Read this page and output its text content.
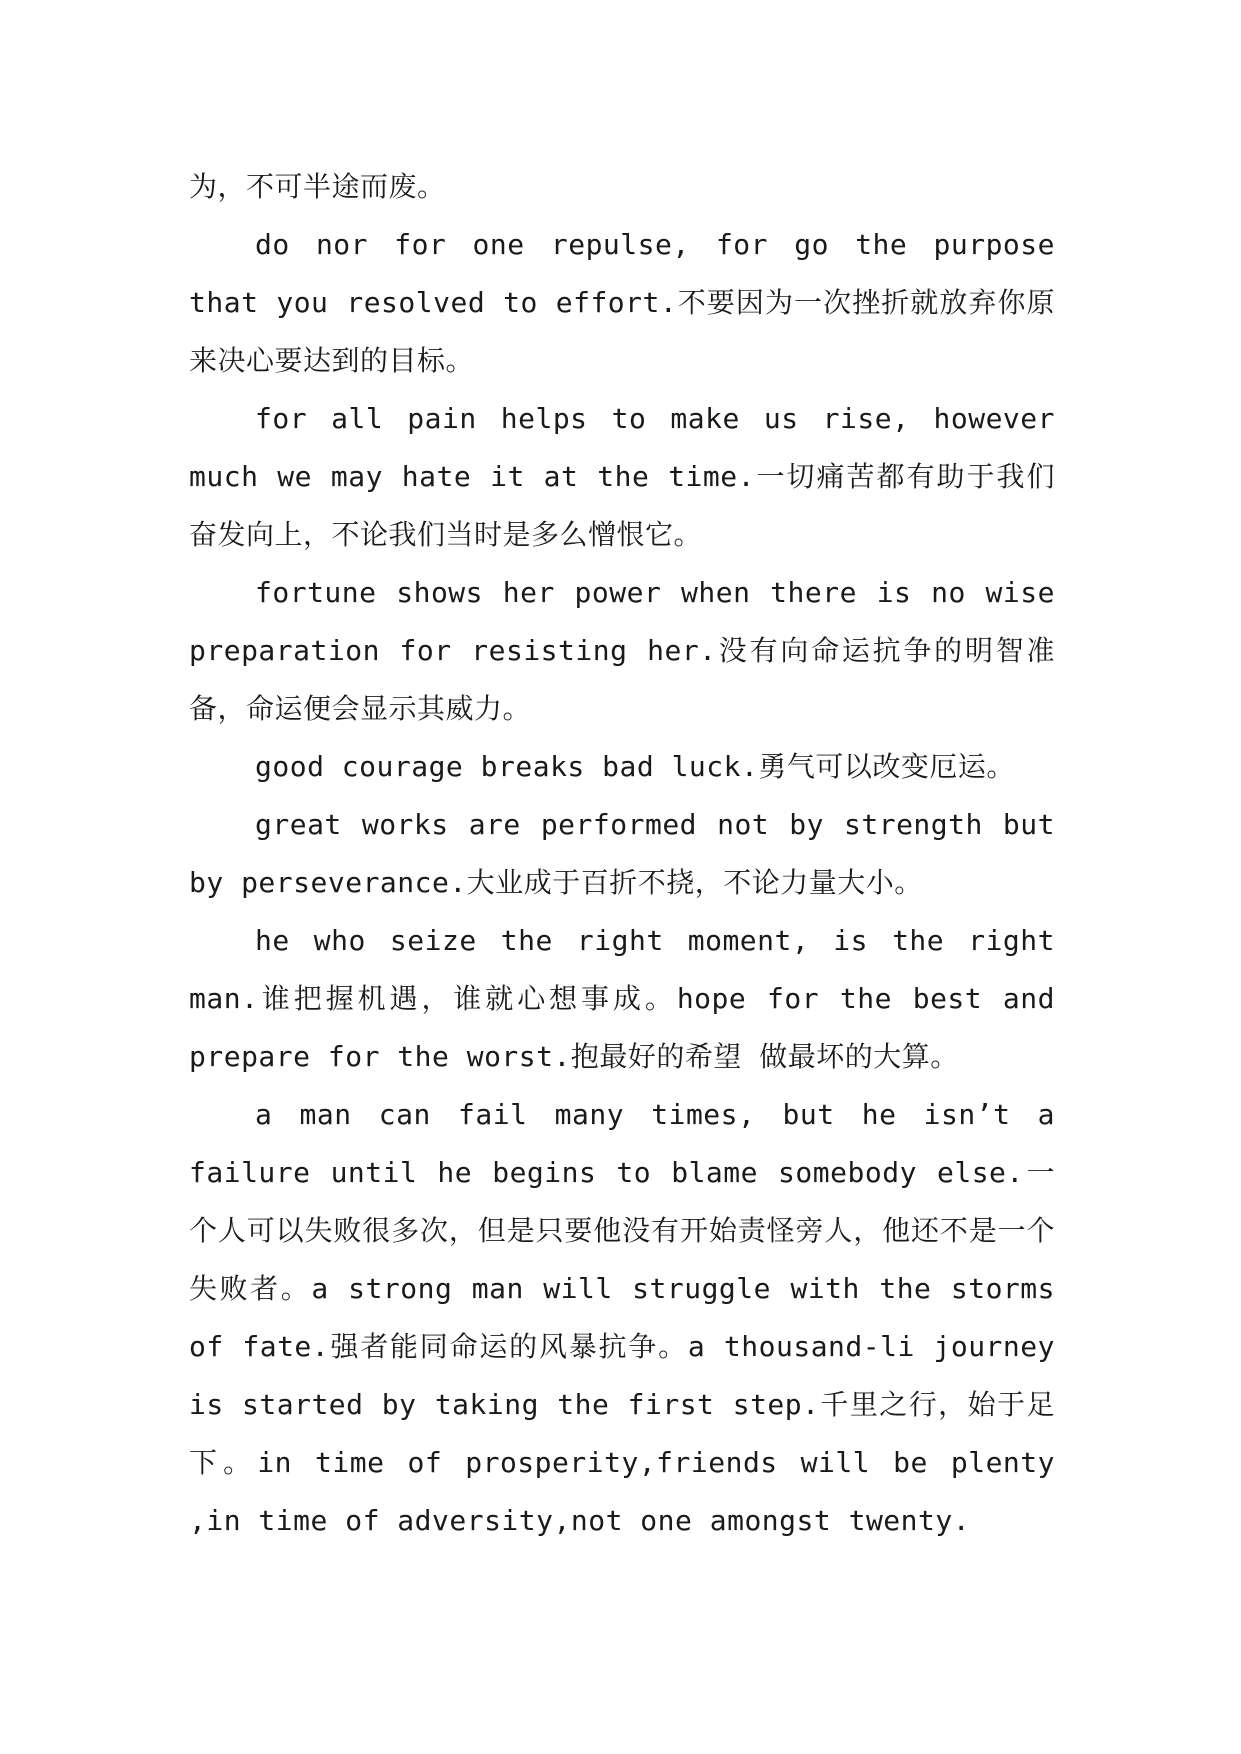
为，不可半途而废。

do nor for one repulse, for go the purpose that you resolved to effort.不要因为一次挫折就放弃你原来决心要达到的目标。

for all pain helps to make us rise, however much we may hate it at the time.一切痛苦都有助于我们奋发向上，不论我们当时是多么憎恨它。

fortune shows her power when there is no wise preparation for resisting her.没有向命运抗争的明智准备，命运便会显示其威力。

good courage breaks bad luck.勇气可以改变厄运。

great works are performed not by strength but by perseverance.大业成于百折不挠，不论力量大小。

he who seize the right moment, is the right man.谁把握机遇，谁就心想事成。hope for the best and prepare for the worst.抱最好的希望 做最坏的大算。

a man can fail many times, but he isn’t a failure until he begins to blame somebody else.一个人可以失败很多次，但是只要他没有开始责怪旁人，他还不是一个失败者。a strong man will struggle with the storms of fate.强者能同命运的风暴抗争。a thousand-li journey is started by taking the first step.千里之行，始于足下。in time of prosperity,friends will be plenty ,in time of adversity,not one amongst twenty.
